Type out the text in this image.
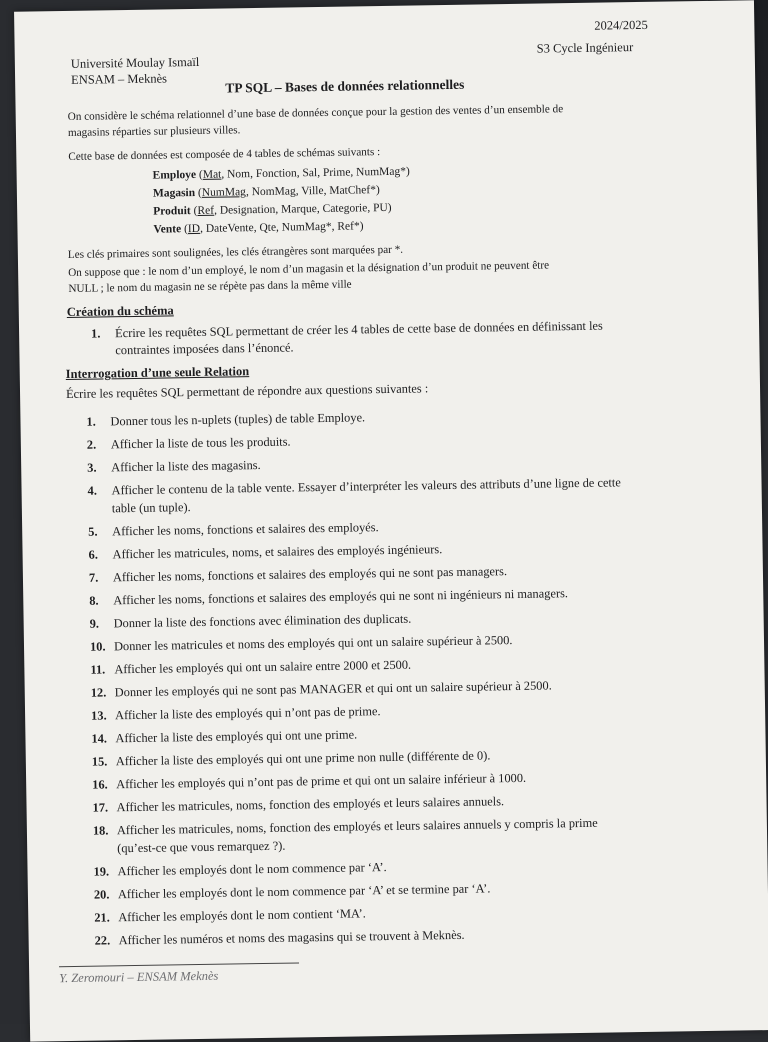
2024/2025
Université Moulay Ismaïl
ENSAM – Meknès
S3 Cycle Ingénieur
TP SQL – Bases de données relationnelles
On considère le schéma relationnel d’une base de données conçue pour la gestion des ventes d’un ensemble de
magasins réparties sur plusieurs villes.
Cette base de données est composée de 4 tables de schémas suivants :
Employe (Mat, Nom, Fonction, Sal, Prime, NumMag*)
Magasin (NumMag, NomMag, Ville, MatChef*)
Produit (Ref, Designation, Marque, Categorie, PU)
Vente (ID, DateVente, Qte, NumMag*, Ref*)
Les clés primaires sont soulignées, les clés étrangères sont marquées par *.
On suppose que : le nom d’un employé, le nom d’un magasin et la désignation d’un produit ne peuvent être
NULL ; le nom du magasin ne se répète pas dans la même ville
Création du schéma
1. Écrire les requêtes SQL permettant de créer les 4 tables de cette base de données en définissant les
contraintes imposées dans l’énoncé.
Interrogation d’une seule Relation
Écrire les requêtes SQL permettant de répondre aux questions suivantes :
1. Donner tous les n-uplets (tuples) de table Employe.
2. Afficher la liste de tous les produits.
3. Afficher la liste des magasins.
4. Afficher le contenu de la table vente. Essayer d’interpréter les valeurs des attributs d’une ligne de cette
table (un tuple).
5. Afficher les noms, fonctions et salaires des employés.
6. Afficher les matricules, noms, et salaires des employés ingénieurs.
7. Afficher les noms, fonctions et salaires des employés qui ne sont pas managers.
8. Afficher les noms, fonctions et salaires des employés qui ne sont ni ingénieurs ni managers.
9. Donner la liste des fonctions avec élimination des duplicats.
10. Donner les matricules et noms des employés qui ont un salaire supérieur à 2500.
11. Afficher les employés qui ont un salaire entre 2000 et 2500.
12. Donner les employés qui ne sont pas MANAGER et qui ont un salaire supérieur à 2500.
13. Afficher la liste des employés qui n’ont pas de prime.
14. Afficher la liste des employés qui ont une prime.
15. Afficher la liste des employés qui ont une prime non nulle (différente de 0).
16. Afficher les employés qui n’ont pas de prime et qui ont un salaire inférieur à 1000.
17. Afficher les matricules, noms, fonction des employés et leurs salaires annuels.
18. Afficher les matricules, noms, fonction des employés et leurs salaires annuels y compris la prime
(qu’est-ce que vous remarquez ?).
19. Afficher les employés dont le nom commence par ‘A’.
20. Afficher les employés dont le nom commence par ‘A’ et se termine par ‘A’.
21. Afficher les employés dont le nom contient ‘MA’.
22. Afficher les numéros et noms des magasins qui se trouvent à Meknès.
Y. Zeromouri – ENSAM Meknès
